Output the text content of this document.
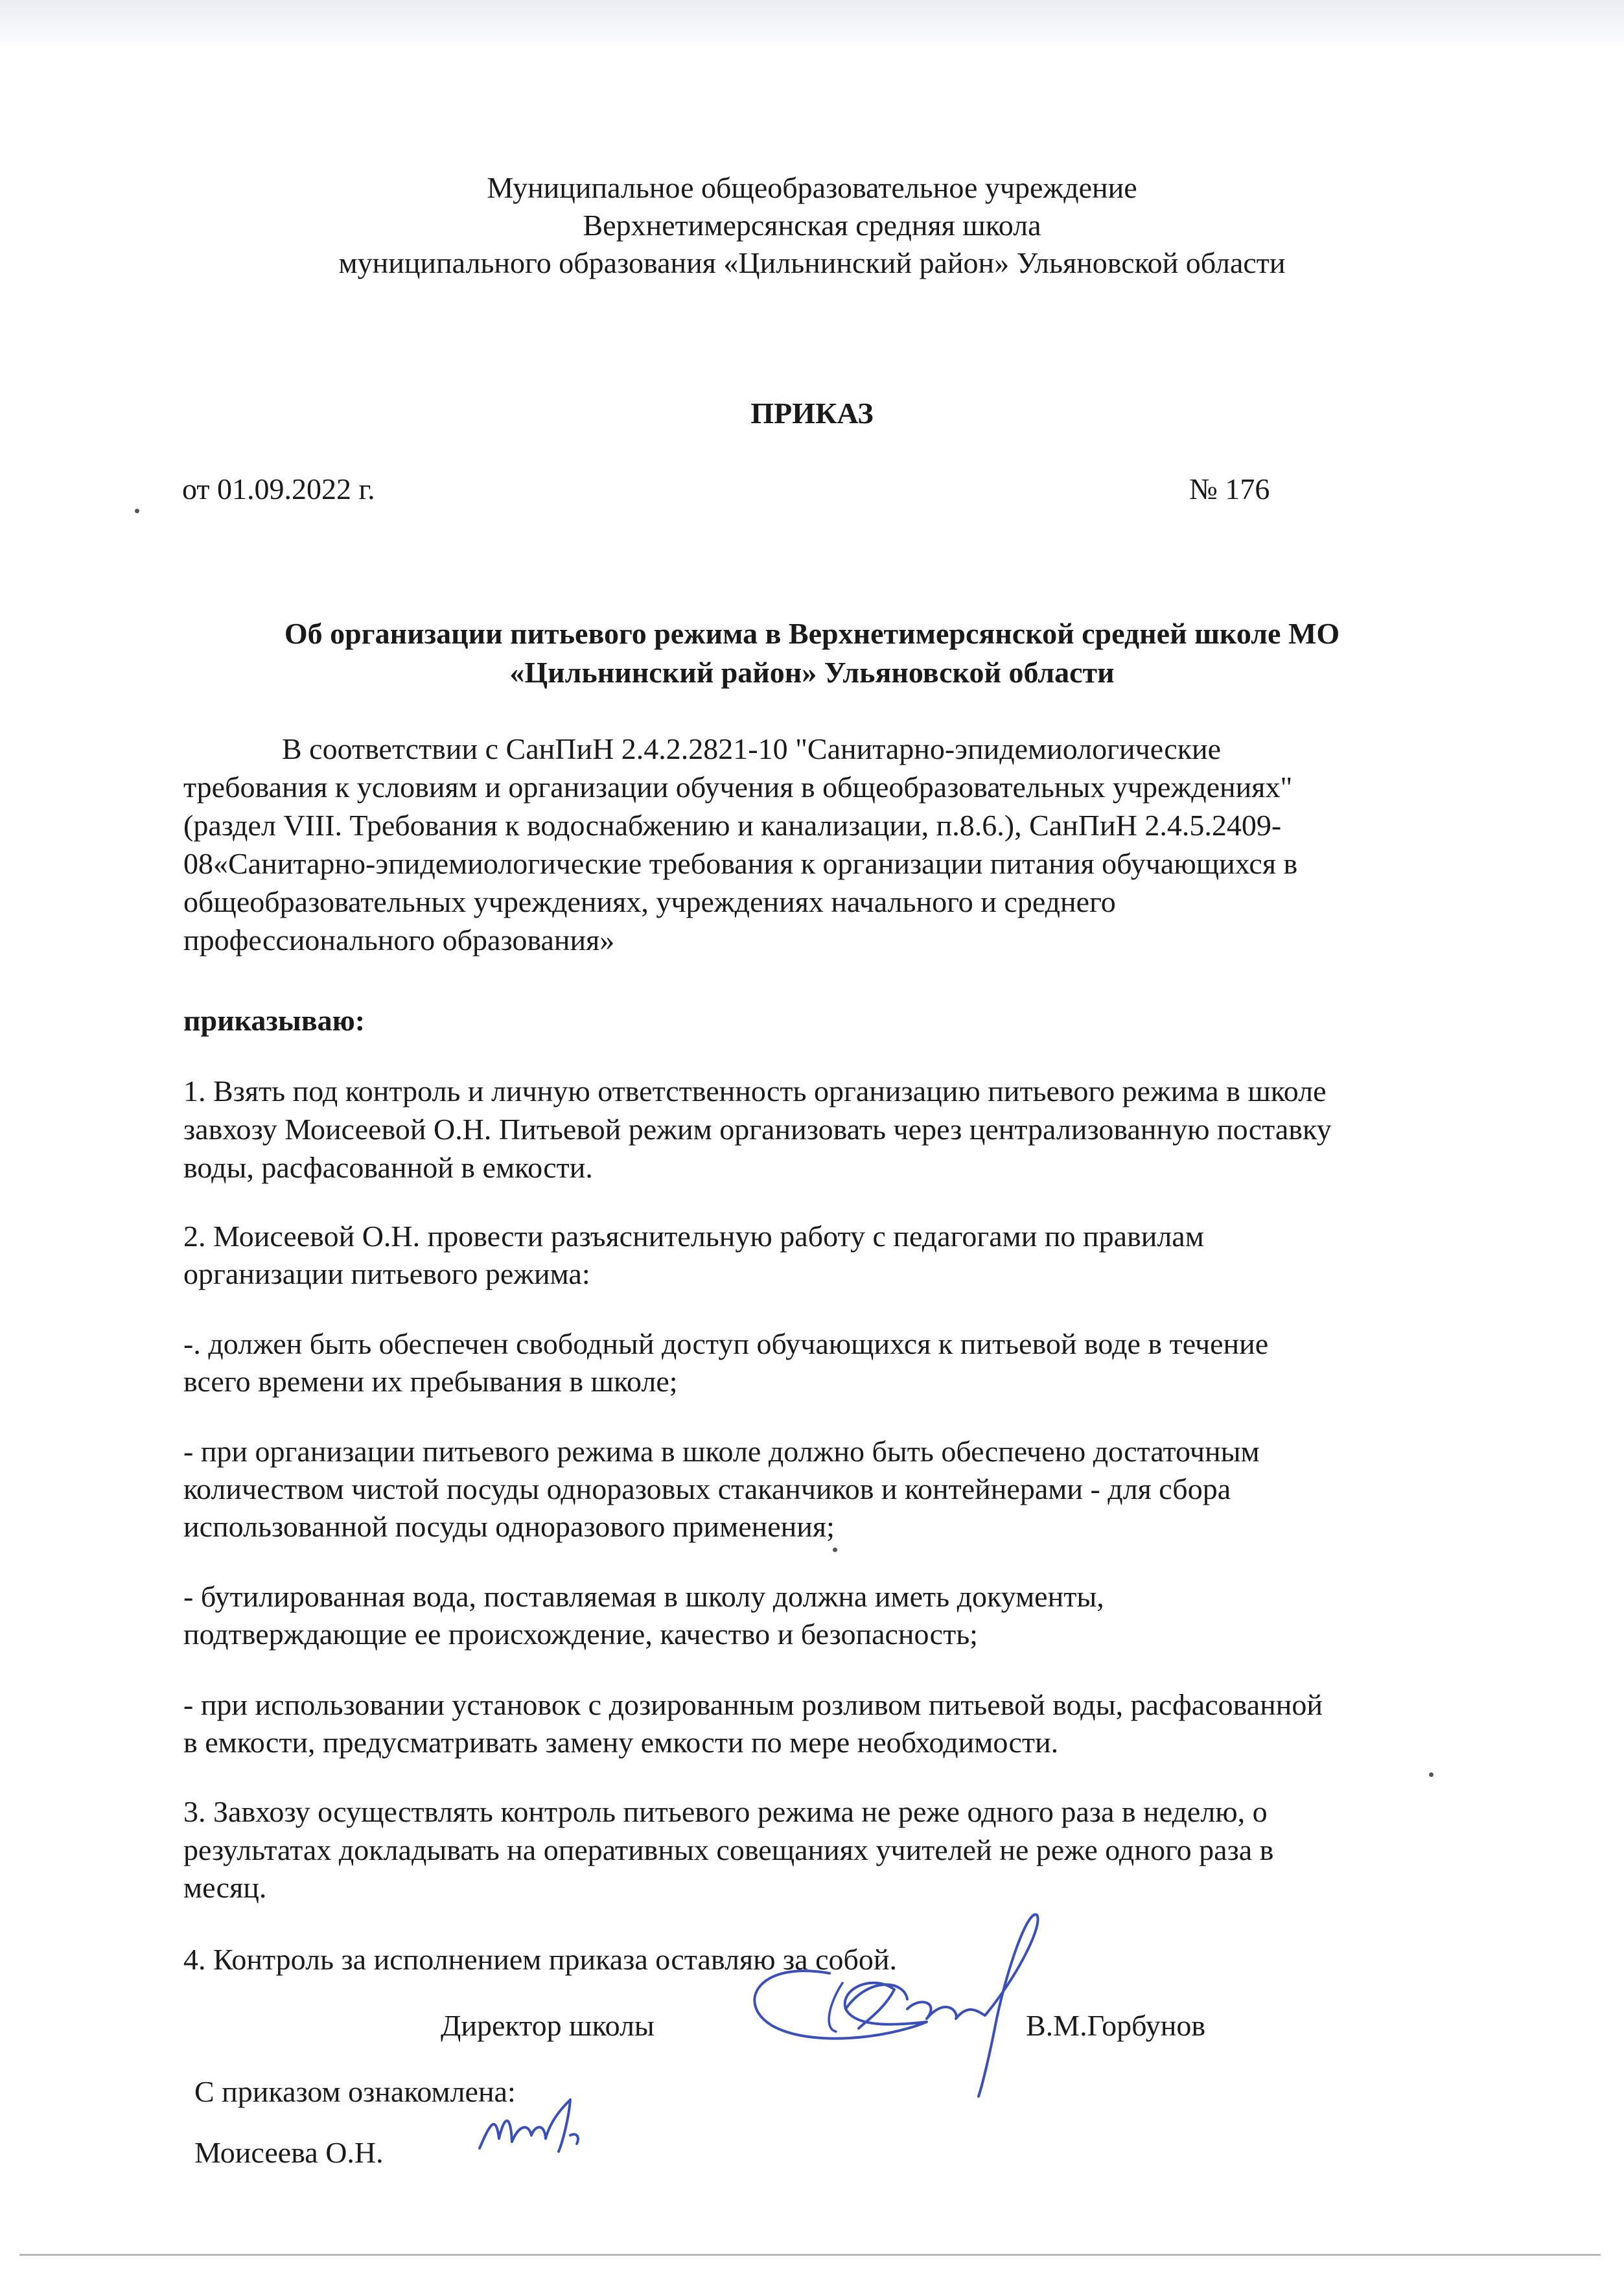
Муниципальное общеобразовательное учреждение
Верхнетимерсянская средняя школа
муниципального образования «Цильнинский район» Ульяновской области
ПРИКАЗ
от 01.09.2022 г.	№ 176
Об организации питьевого режима в Верхнетимерсянской средней школе МО
«Цильнинский район» Ульяновской области
В соответствии с СанПиН 2.4.2.2821-10 "Санитарно-эпидемиологические
требования к условиям и организации обучения в общеобразовательных учреждениях"
(раздел VIII. Требования к водоснабжению и канализации, п.8.6.), СанПиН 2.4.5.2409-
08«Санитарно-эпидемиологические требования к организации питания обучающихся в
общеобразовательных учреждениях, учреждениях начального и среднего
профессионального образования»
приказываю:
1. Взять под контроль и личную ответственность организацию питьевого режима в школе
завхозу Моисеевой О.Н. Питьевой режим организовать через централизованную поставку
воды, расфасованной в емкости.
2. Моисеевой О.Н. провести разъяснительную работу с педагогами по правилам
организации питьевого режима:
-. должен быть обеспечен свободный доступ обучающихся к питьевой воде в течение
всего времени их пребывания в школе;
- при организации питьевого режима в школе должно быть обеспечено достаточным
количеством чистой посуды одноразовых стаканчиков и контейнерами - для сбора
использованной посуды одноразового применения;
- бутилированная вода, поставляемая в школу должна иметь документы,
подтверждающие ее происхождение, качество и безопасность;
- при использовании установок с дозированным розливом питьевой воды, расфасованной
в емкости, предусматривать замену емкости по мере необходимости.
3. Завхозу осуществлять контроль питьевого режима не реже одного раза в неделю, о
результатах докладывать на оперативных совещаниях учителей не реже одного раза в
месяц.
4. Контроль за исполнением приказа оставляю за собой.
Директор школы	В.М.Горбунов
С приказом ознакомлена:
Моисеева О.Н.
